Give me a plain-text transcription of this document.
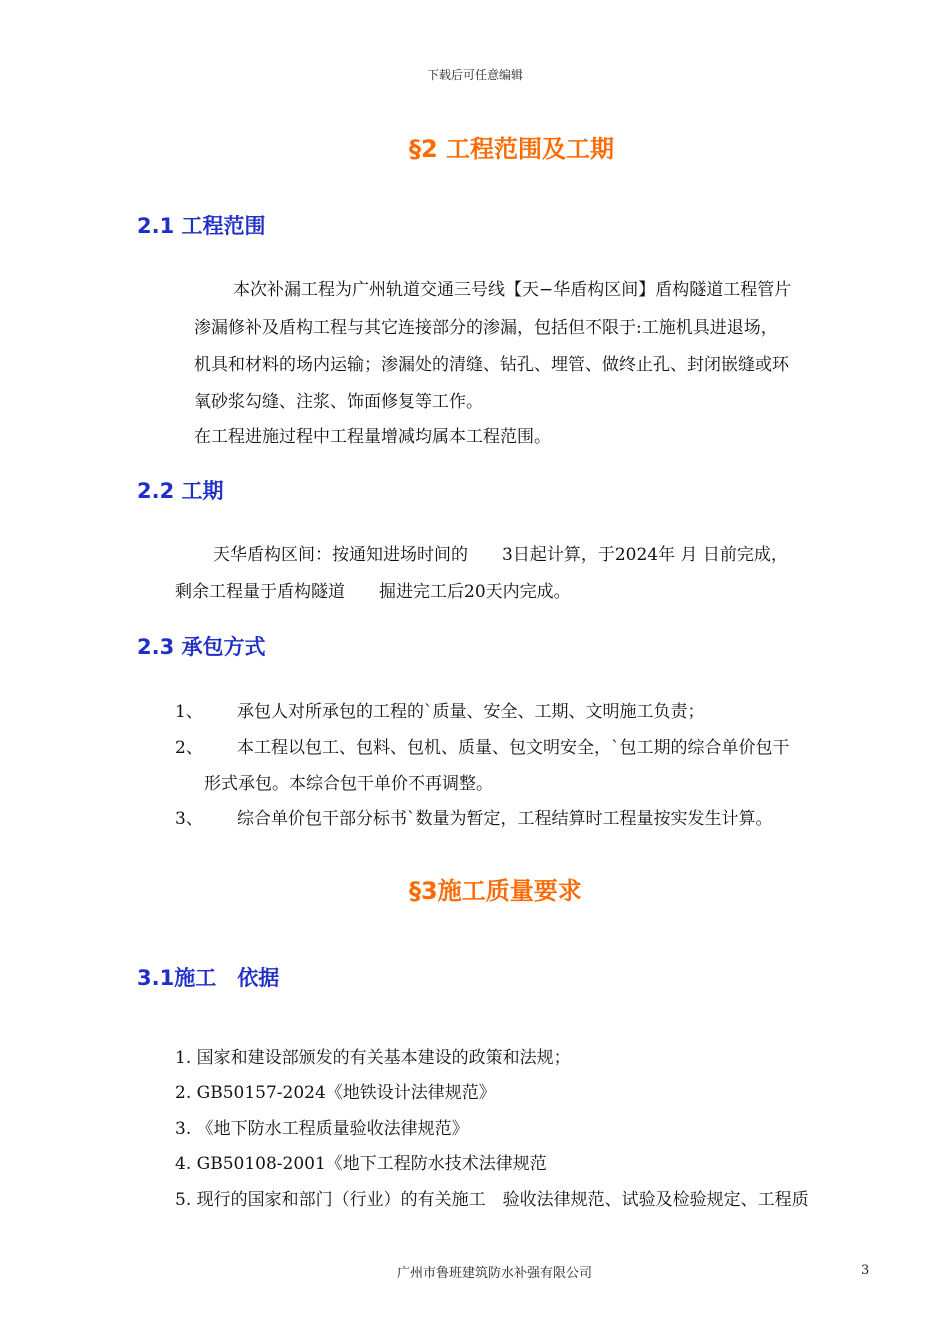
下载后可任意编辑
§2 工程范围及工期
2.1 工程范围
本次补漏工程为广州轨道交通三号线【天−华盾构区间】盾构隧道工程管片
渗漏修补及盾构工程与其它连接部分的渗漏，包括但不限于:工施机具进退场，
机具和材料的场内运输；渗漏处的清缝、钻孔、埋管、做终止孔、封闭嵌缝或环
氧砂浆勾缝、注浆、饰面修复等工作。
在工程进施过程中工程量增减均属本工程范围。
2.2 工期
天华盾构区间：按通知进场时间的　　3日起计算，于2024年 月 日前完成，
剩余工程量于盾构隧道　　掘进完工后20天内完成。
2.3 承包方式
1、 承包人对所承包的工程的`质量、安全、工期、文明施工负责；
2、 本工程以包工、包料、包机、质量、包文明安全，`包工期的综合单价包干
形式承包。本综合包干单价不再调整。
3、 综合单价包干部分标书`数量为暂定，工程结算时工程量按实发生计算。
§3施工质量要求
3.1施工　依据
1. 国家和建设部颁发的有关基本建设的政策和法规；
2. GB50157-2024《地铁设计法律规范》
3. 《地下防水工程质量验收法律规范》
4. GB50108-2001《地下工程防水技术法律规范
5. 现行的国家和部门（行业）的有关施工　验收法律规范、试验及检验规定、工程质
广州市鲁班建筑防水补强有限公司	3
